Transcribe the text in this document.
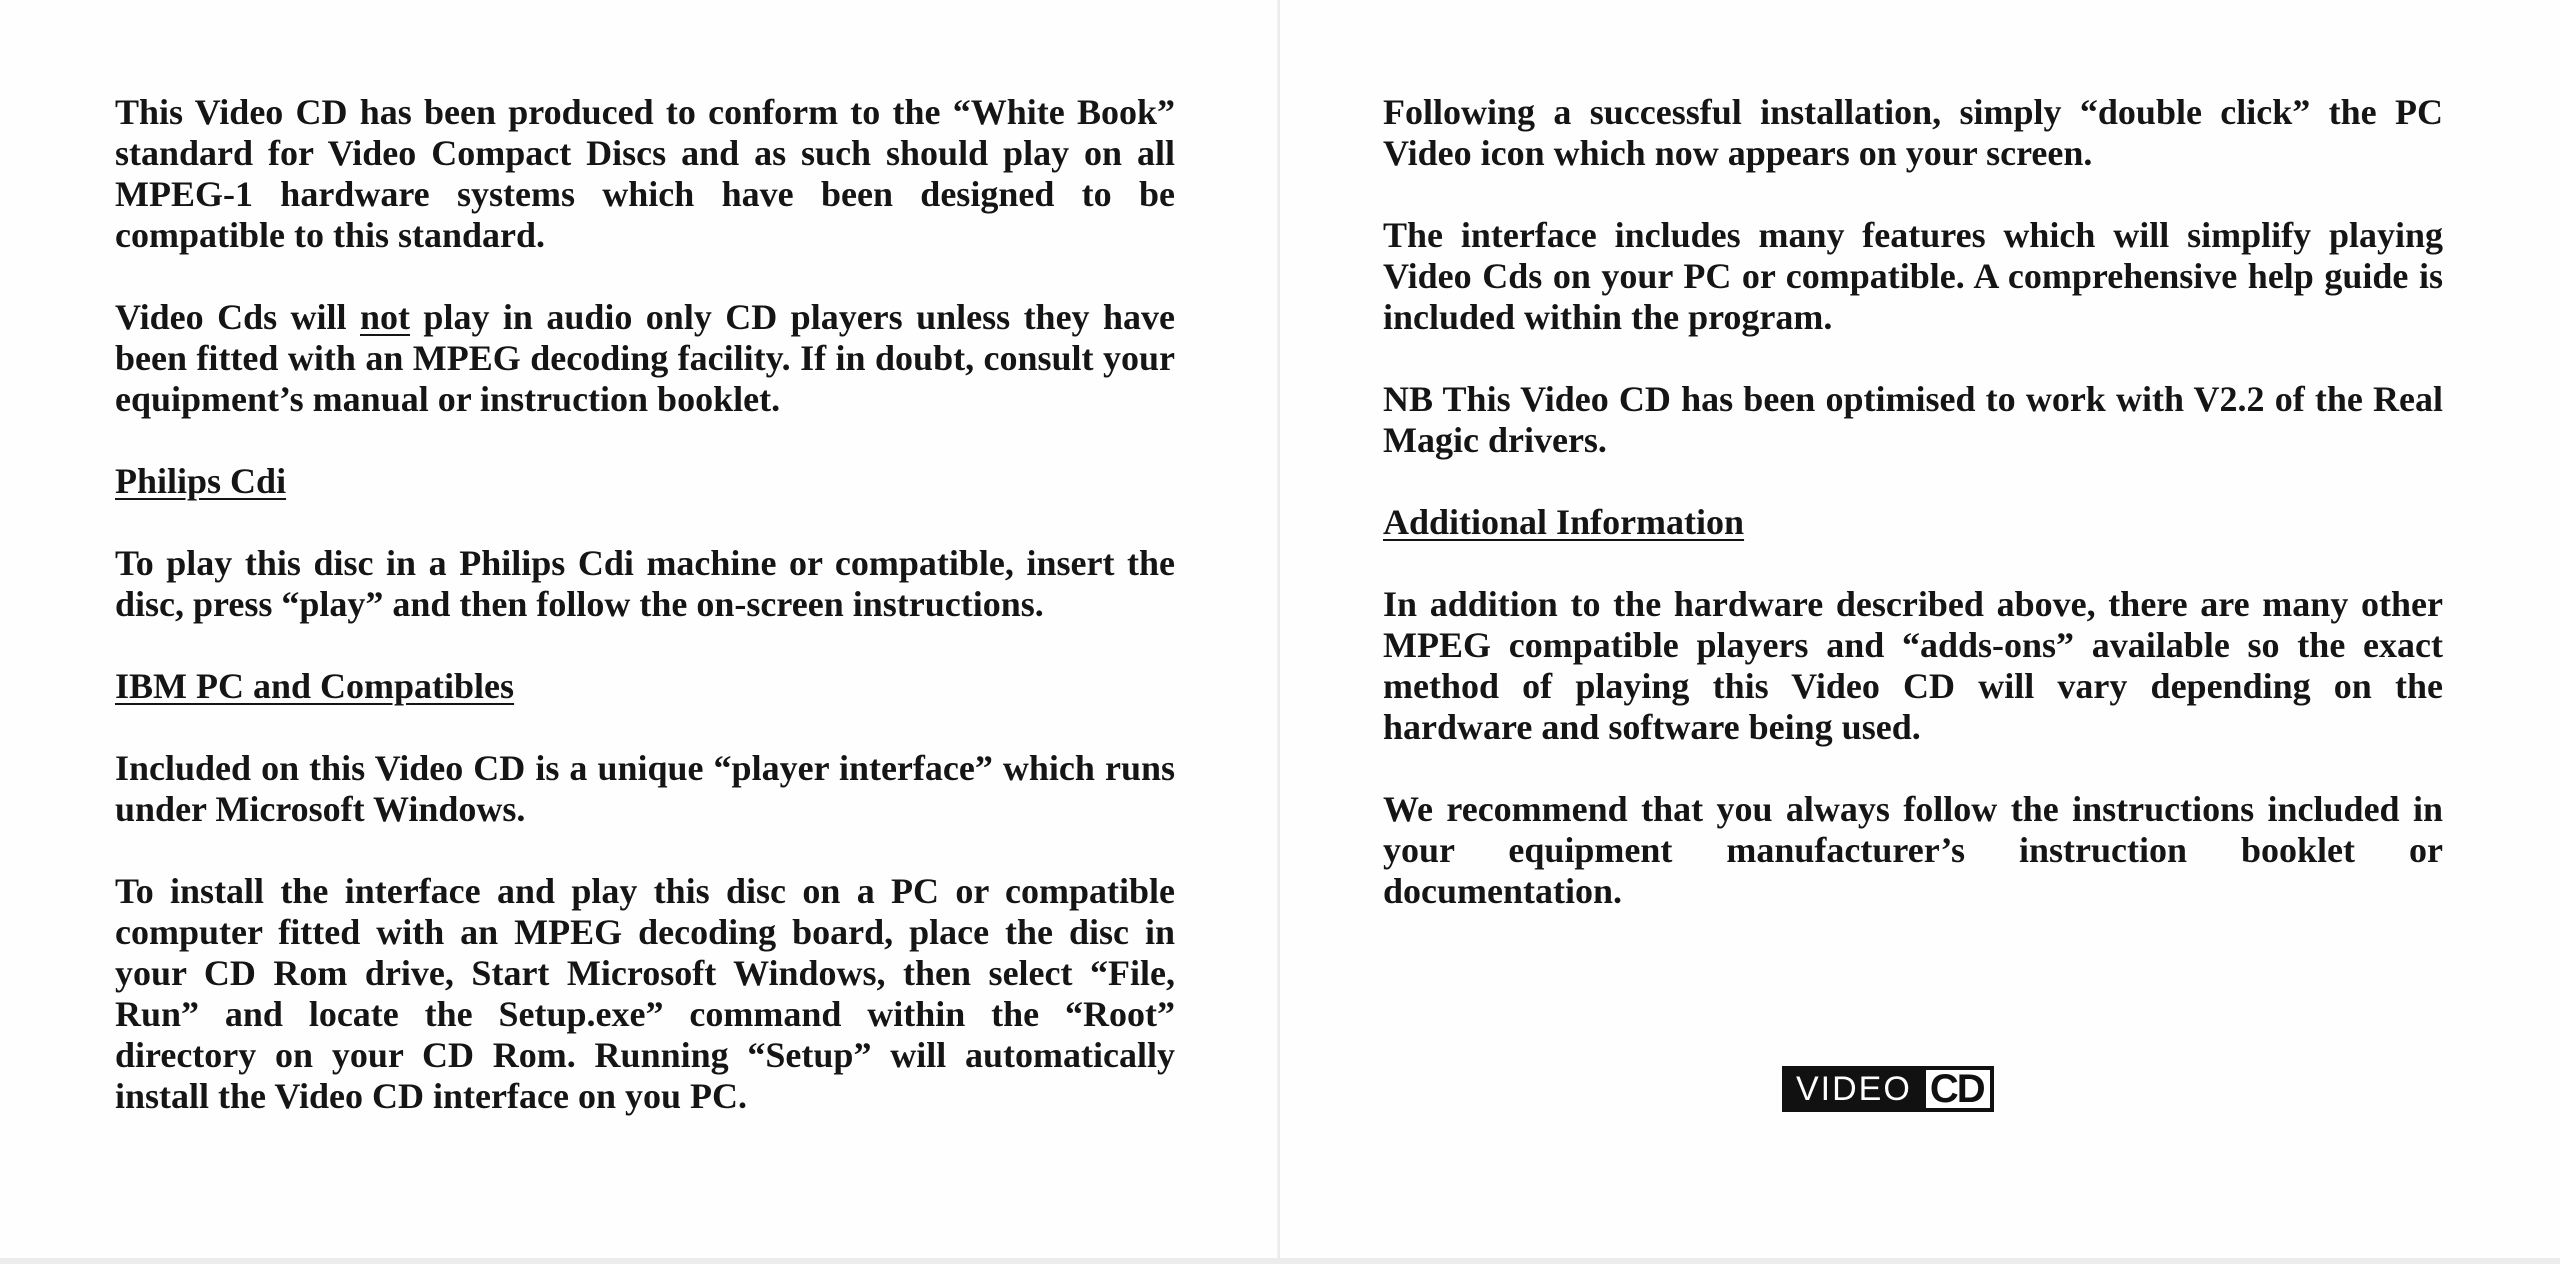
This Video CD has been produced to conform to the “White Book” standard for Video Compact Discs and as such should play on all MPEG-1 hardware systems which have been designed to be compatible to this standard.

Video Cds will not play in audio only CD players unless they have been fitted with an MPEG decoding facility. If in doubt, consult your equipment’s manual or instruction booklet.

Philips Cdi

To play this disc in a Philips Cdi machine or compatible, insert the disc, press “play” and then follow the on-screen instructions.

IBM PC and Compatibles

Included on this Video CD is a unique “player interface” which runs under Microsoft Windows.

To install the interface and play this disc on a PC or compatible computer fitted with an MPEG decoding board, place the disc in your CD Rom drive, Start Microsoft Windows, then select “File, Run” and locate the Setup.exe” command within the “Root” directory on your CD Rom. Running “Setup” will automatically install the Video CD interface on you PC.

Following a successful installation, simply “double click” the PC Video icon which now appears on your screen.

The interface includes many features which will simplify playing Video Cds on your PC or compatible. A comprehensive help guide is included within the program.

NB This Video CD has been optimised to work with V2.2 of the Real Magic drivers.

Additional Information

In addition to the hardware described above, there are many other MPEG compatible players and “adds-ons” available so the exact method of playing this Video CD will vary depending on the hardware and software being used.

We recommend that you always follow the instructions included in your equipment manufacturer’s instruction booklet or documentation.

VIDEO CD
